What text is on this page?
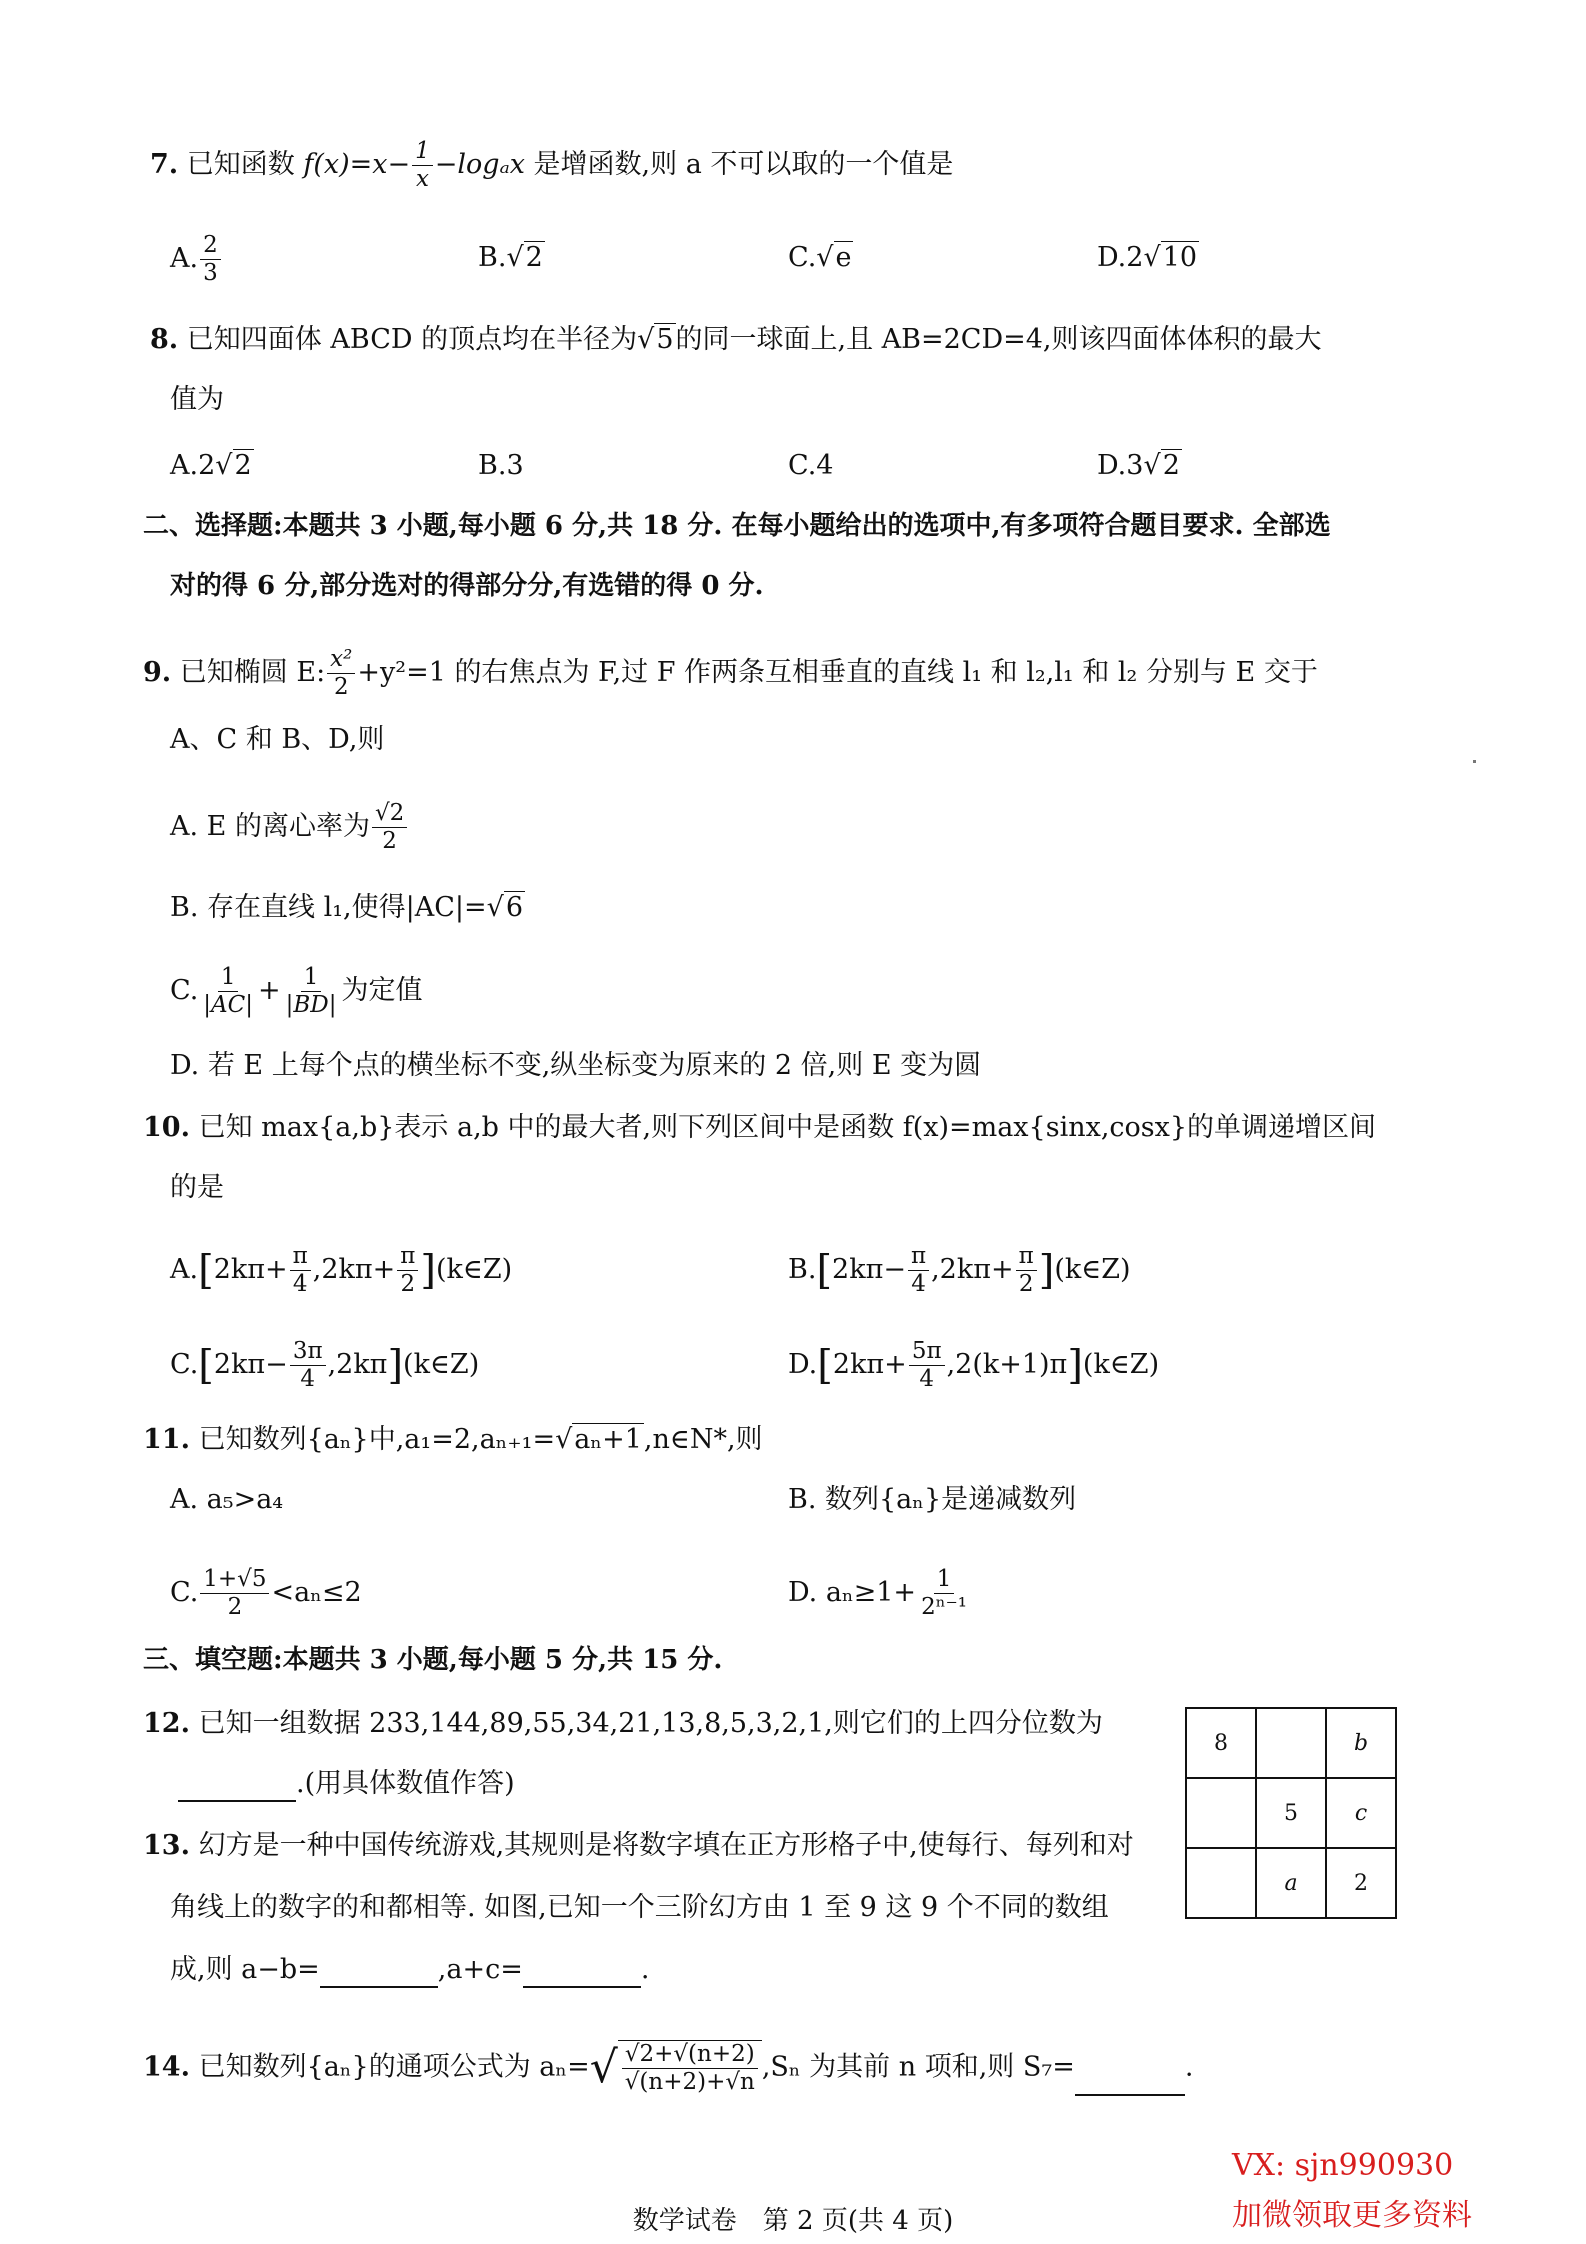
7. 已知函数 $f(x)=x- \frac{1}{x} -\log_ax$ 是增函数,则 a 不可以取的一个值是
A. $\frac{2}{3}$	B.√2	C.√e	D.2√10
8. 已知四面体 ABCD 的顶点均在半径为√5的同一球面上,且 AB=2CD=4,则该四面体体积的最大
值为
A.2√2	B.3	C.4	D.3√2
二、选择题:本题共 3 小题,每小题 6 分,共 18 分. 在每小题给出的选项中,有多项符合题目要求. 全部选
对的得 6 分,部分选对的得部分分,有选错的得 0 分.
9. 已知椭圆 E: $\frac{\text{x²}}{2} +y^2=1$ 的右焦点为 F,过 F 作两条互相垂直的直线 l₁ 和 l₂,l₁ 和 l₂ 分别与 E 交于
A、C 和 B、D,则
A. E 的离心率为 $\frac{√2}{2}$
B. 存在直线 l₁,使得|AC|=√6
C. $\frac{1}{|AC|} + \frac{1}{|BD|}$ 为定值
D. 若 E 上每个点的横坐标不变,纵坐标变为原来的 2 倍,则 E 变为圆
10. 已知 max{a,b}表示 a,b 中的最大者,则下列区间中是函数 f(x)=max{sinx,cosx}的单调递增区间
的是
$A.[2k\pi+ \frac{\pi}{4} ,2k\pi+ \frac{\pi}{2}$ ](k∈Z)	$B.[2k\pi- \frac{\pi}{4} ,2k\pi+ \frac{\pi}{2}$ ](k∈Z)
$C.[2k\pi- \frac{3\pi}{4}$ ,2kπ](k∈Z)	$D.[2k\pi+ \frac{5\pi}{4}$ ,2(k+1)π](k∈Z)
11. 已知数列{aₙ}中,a₁=2,aₙ₊₁=√aₙ+1,n∈N*,则
A. a₅>a₄	B. 数列{aₙ}是递减数列
C. $\frac{1+√5}{2} <a_n\le 2$	D. $a_n\ge 1+ \frac{1}{\text{2ⁿ⁻¹}}$
三、填空题:本题共 3 小题,每小题 5 分,共 15 分.
12. 已知一组数据 233,144,89,55,34,21,13,8,5,3,2,1,则它们的上四分位数为
.(用具体数值作答)
13. 幻方是一种中国传统游戏,其规则是将数字填在正方形格子中,使每行、每列和对
角线上的数字的和都相等. 如图,已知一个三阶幻方由 1 至 9 这 9 个不同的数组
成,则 a−b=	,a+c=	.
8		b
	5	c
	a	2
14. 已知数列{aₙ}的通项公式为 $a_n=√ \frac{√2+√(n+2)}{√(n+2)+√n} ,S_n$ 为其前 n 项和,则 S₇=	.
数学试卷　第 2 页(共 4 页)
VX: sjn990930
加微领取更多资料
